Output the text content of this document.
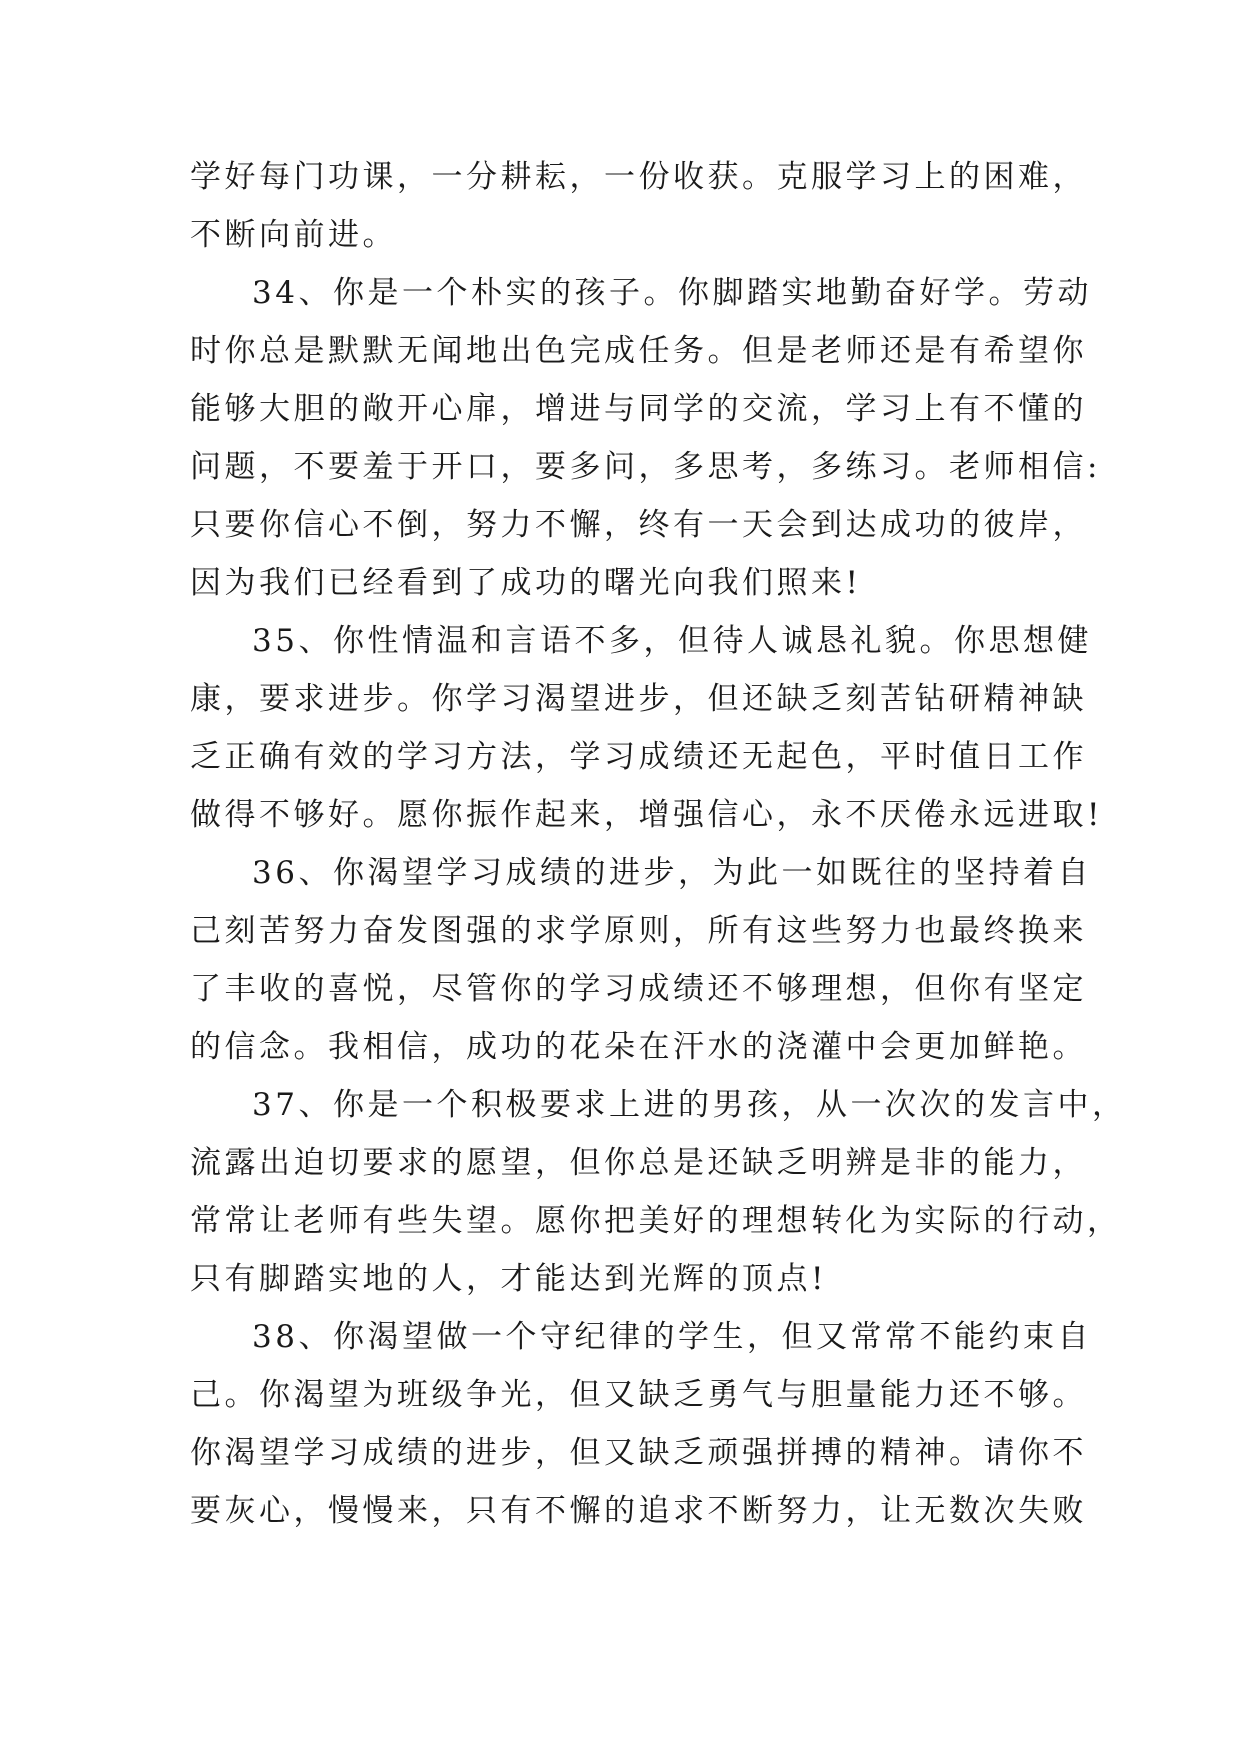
学好每门功课，一分耕耘，一份收获。克服学习上的困难，
不断向前进。
34、你是一个朴实的孩子。你脚踏实地勤奋好学。劳动
时你总是默默无闻地出色完成任务。但是老师还是有希望你
能够大胆的敞开心扉，增进与同学的交流，学习上有不懂的
问题，不要羞于开口，要多问，多思考，多练习。老师相信:
只要你信心不倒，努力不懈，终有一天会到达成功的彼岸，
因为我们已经看到了成功的曙光向我们照来!
35、你性情温和言语不多，但待人诚恳礼貌。你思想健
康，要求进步。你学习渴望进步，但还缺乏刻苦钻研精神缺
乏正确有效的学习方法，学习成绩还无起色，平时值日工作
做得不够好。愿你振作起来，增强信心，永不厌倦永远进取!
36、你渴望学习成绩的进步，为此一如既往的坚持着自
己刻苦努力奋发图强的求学原则，所有这些努力也最终换来
了丰收的喜悦，尽管你的学习成绩还不够理想，但你有坚定
的信念。我相信，成功的花朵在汗水的浇灌中会更加鲜艳。
37、你是一个积极要求上进的男孩，从一次次的发言中，
流露出迫切要求的愿望，但你总是还缺乏明辨是非的能力，
常常让老师有些失望。愿你把美好的理想转化为实际的行动，
只有脚踏实地的人，才能达到光辉的顶点!
38、你渴望做一个守纪律的学生，但又常常不能约束自
己。你渴望为班级争光，但又缺乏勇气与胆量能力还不够。
你渴望学习成绩的进步，但又缺乏顽强拼搏的精神。请你不
要灰心，慢慢来，只有不懈的追求不断努力，让无数次失败
